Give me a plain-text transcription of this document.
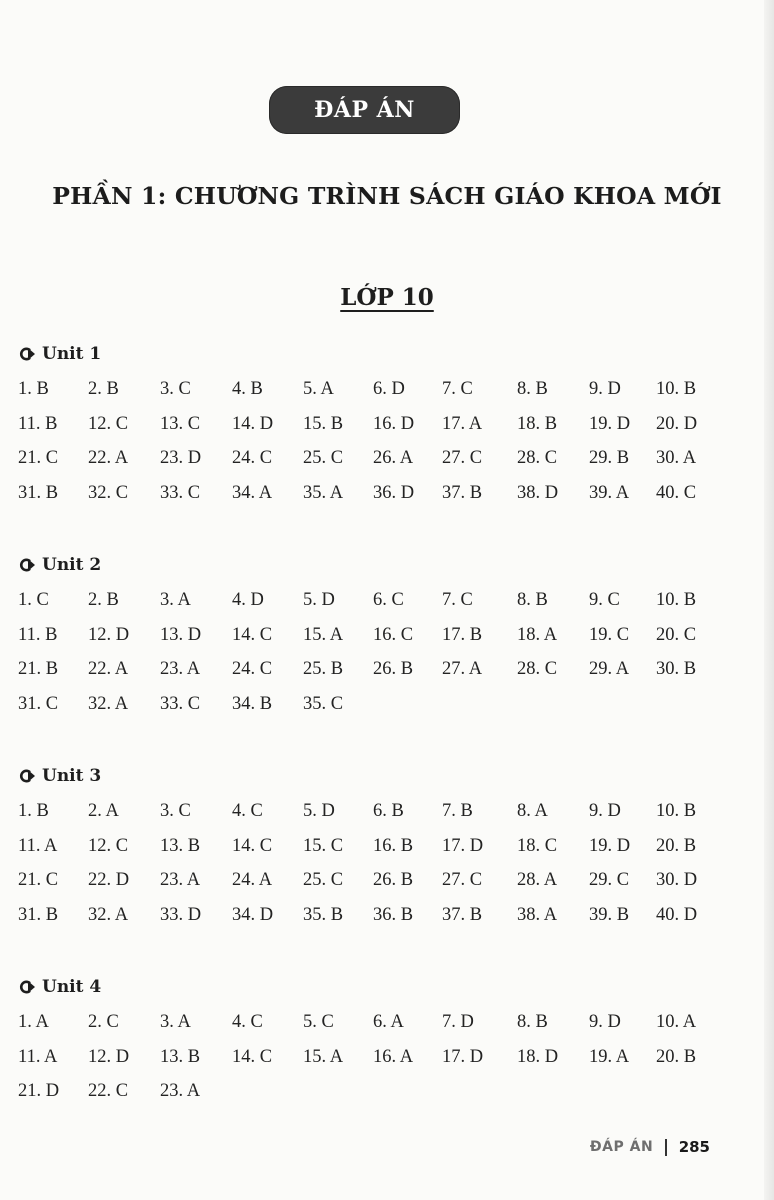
ĐÁP ÁN
PHẦN 1: CHƯƠNG TRÌNH SÁCH GIÁO KHOA MỚI
LỚP 10
Unit 1
1. B 2. B 3. C 4. B 5. A 6. D 7. C 8. B 9. D 10. B
11. B 12. C 13. C 14. D 15. B 16. D 17. A 18. B 19. D 20. D
21. C 22. A 23. D 24. C 25. C 26. A 27. C 28. C 29. B 30. A
31. B 32. C 33. C 34. A 35. A 36. D 37. B 38. D 39. A 40. C
Unit 2
1. C 2. B 3. A 4. D 5. D 6. C 7. C 8. B 9. C 10. B
11. B 12. D 13. D 14. C 15. A 16. C 17. B 18. A 19. C 20. C
21. B 22. A 23. A 24. C 25. B 26. B 27. A 28. C 29. A 30. B
31. C 32. A 33. C 34. B 35. C
Unit 3
1. B 2. A 3. C 4. C 5. D 6. B 7. B 8. A 9. D 10. B
11. A 12. C 13. B 14. C 15. C 16. B 17. D 18. C 19. D 20. B
21. C 22. D 23. A 24. A 25. C 26. B 27. C 28. A 29. C 30. D
31. B 32. A 33. D 34. D 35. B 36. B 37. B 38. A 39. B 40. D
Unit 4
1. A 2. C 3. A 4. C 5. C 6. A 7. D 8. B 9. D 10. A
11. A 12. D 13. B 14. C 15. A 16. A 17. D 18. D 19. A 20. B
21. D 22. C 23. A
ĐÁP ÁN 285
